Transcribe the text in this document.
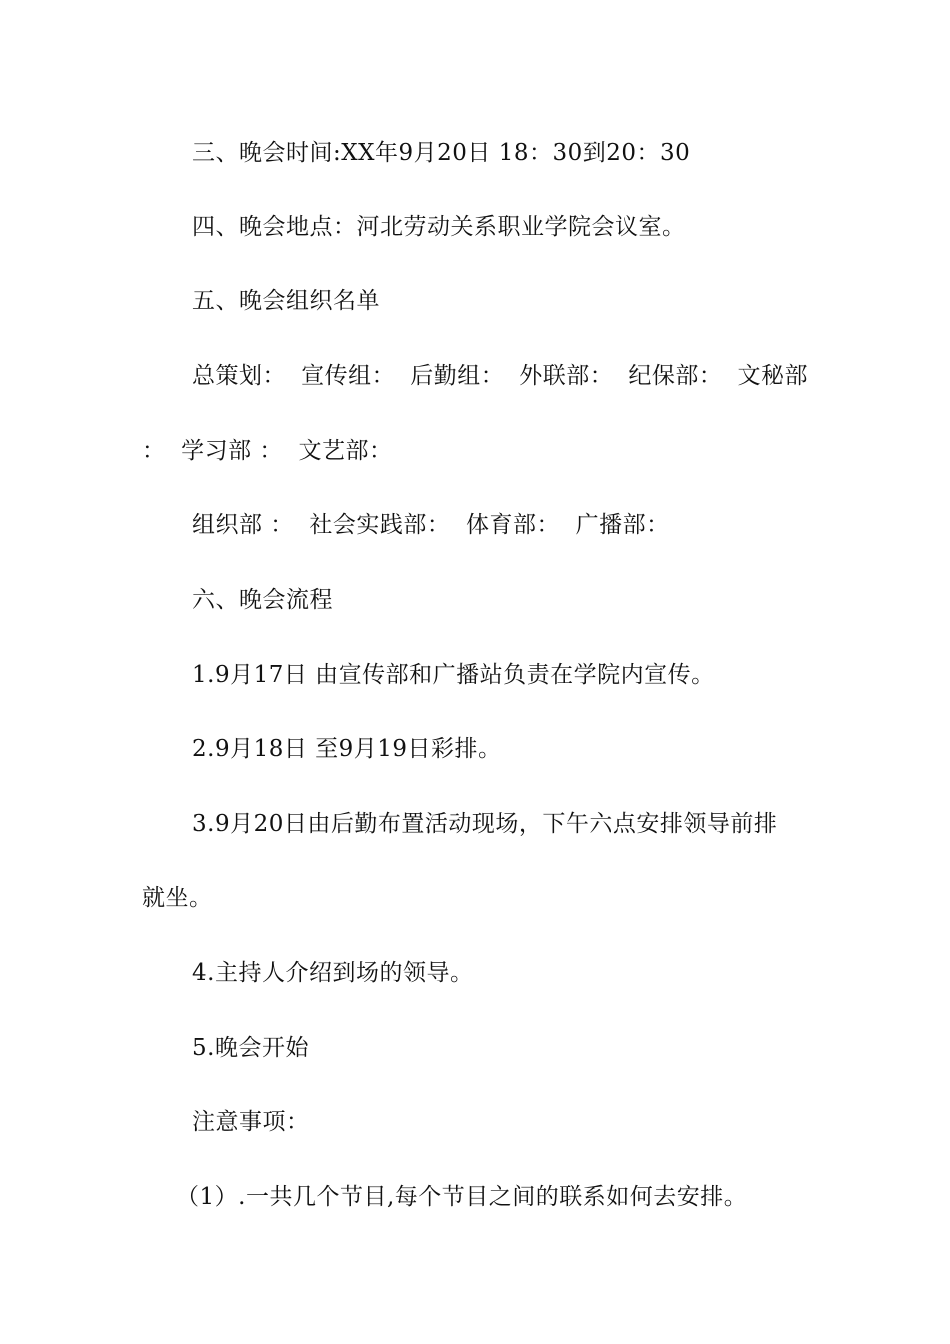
三、晚会时间:XX年9月20日 18：30到20：30
四、晚会地点：河北劳动关系职业学院会议室。
五、晚会组织名单
总策划： 宣传组： 后勤组： 外联部： 纪保部： 文秘部
：  学习部 ：  文艺部：
组织部 ：  社会实践部：  体育部：  广播部：
六、晚会流程
1.9月17日 由宣传部和广播站负责在学院内宣传。
2.9月18日 至9月19日彩排。
3.9月20日由后勤布置活动现场，下午六点安排领导前排
就坐。
4.主持人介绍到场的领导。
5.晚会开始
注意事项：
（1）.一共几个节目,每个节目之间的联系如何去安排。
